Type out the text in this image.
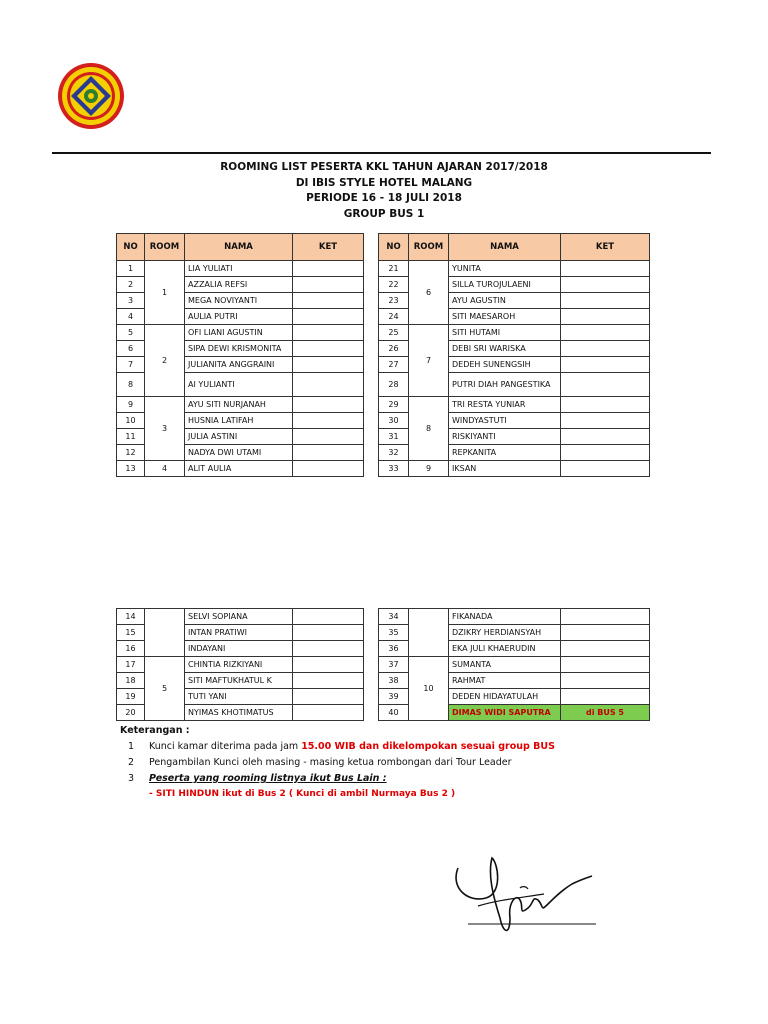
ROOMING LIST PESERTA KKL TAHUN AJARAN 2017/2018
DI IBIS STYLE HOTEL MALANG
PERIODE 16 - 18 JULI 2018
GROUP BUS 1
NO	ROOM	NAMA	KET
1	1	LIA YULIATI	
2		AZZALIA REFSI	
3		MEGA NOVIYANTI	
4		AULIA PUTRI	
5	2	OFI LIANI AGUSTIN	
6		SIPA DEWI KRISMONITA	
7		JULIANITA ANGGRAINI	
8		AI YULIANTI	
9	3	AYU SITI NURJANAH	
10		HUSNIA LATIFAH	
11		JULIA ASTINI	
12		NADYA DWI UTAMI	
13	4	ALIT AULIA	
NO	ROOM	NAMA	KET
21	6	YUNITA	
22		SILLA TUROJULAENI	
23		AYU AGUSTIN	
24		SITI MAESAROH	
25	7	SITI HUTAMI	
26		DEBI SRI WARISKA	
27		DEDEH SUNENGSIH	
28		PUTRI DIAH PANGESTIKA	
29	8	TRI RESTA YUNIAR	
30		WINDYASTUTI	
31		RISKIYANTI	
32		REPKANITA	
33	9	IKSAN	
14		SELVI SOPIANA	
15		INTAN PRATIWI	
16		INDAYANI	
17	5	CHINTIA RIZKIYANI	
18		SITI MAFTUKHATUL K	
19		TUTI YANI	
20		NYIMAS KHOTIMATUS	
34		FIKANADA	
35		DZIKRY HERDIANSYAH	
36		EKA JULI KHAERUDIN	
37	10	SUMANTA	
38		RAHMAT	
39		DEDEN HIDAYATULAH	
40		DIMAS WIDI SAPUTRA	di BUS 5
Keterangan :
1	Kunci kamar diterima pada jam 15.00 WIB dan dikelompokan sesuai group BUS
2	Pengambilan Kunci oleh masing - masing ketua rombongan dari Tour Leader
3	Peserta yang rooming listnya ikut Bus Lain :
- SITI HINDUN ikut di Bus 2 ( Kunci di ambil Nurmaya Bus 2 )
